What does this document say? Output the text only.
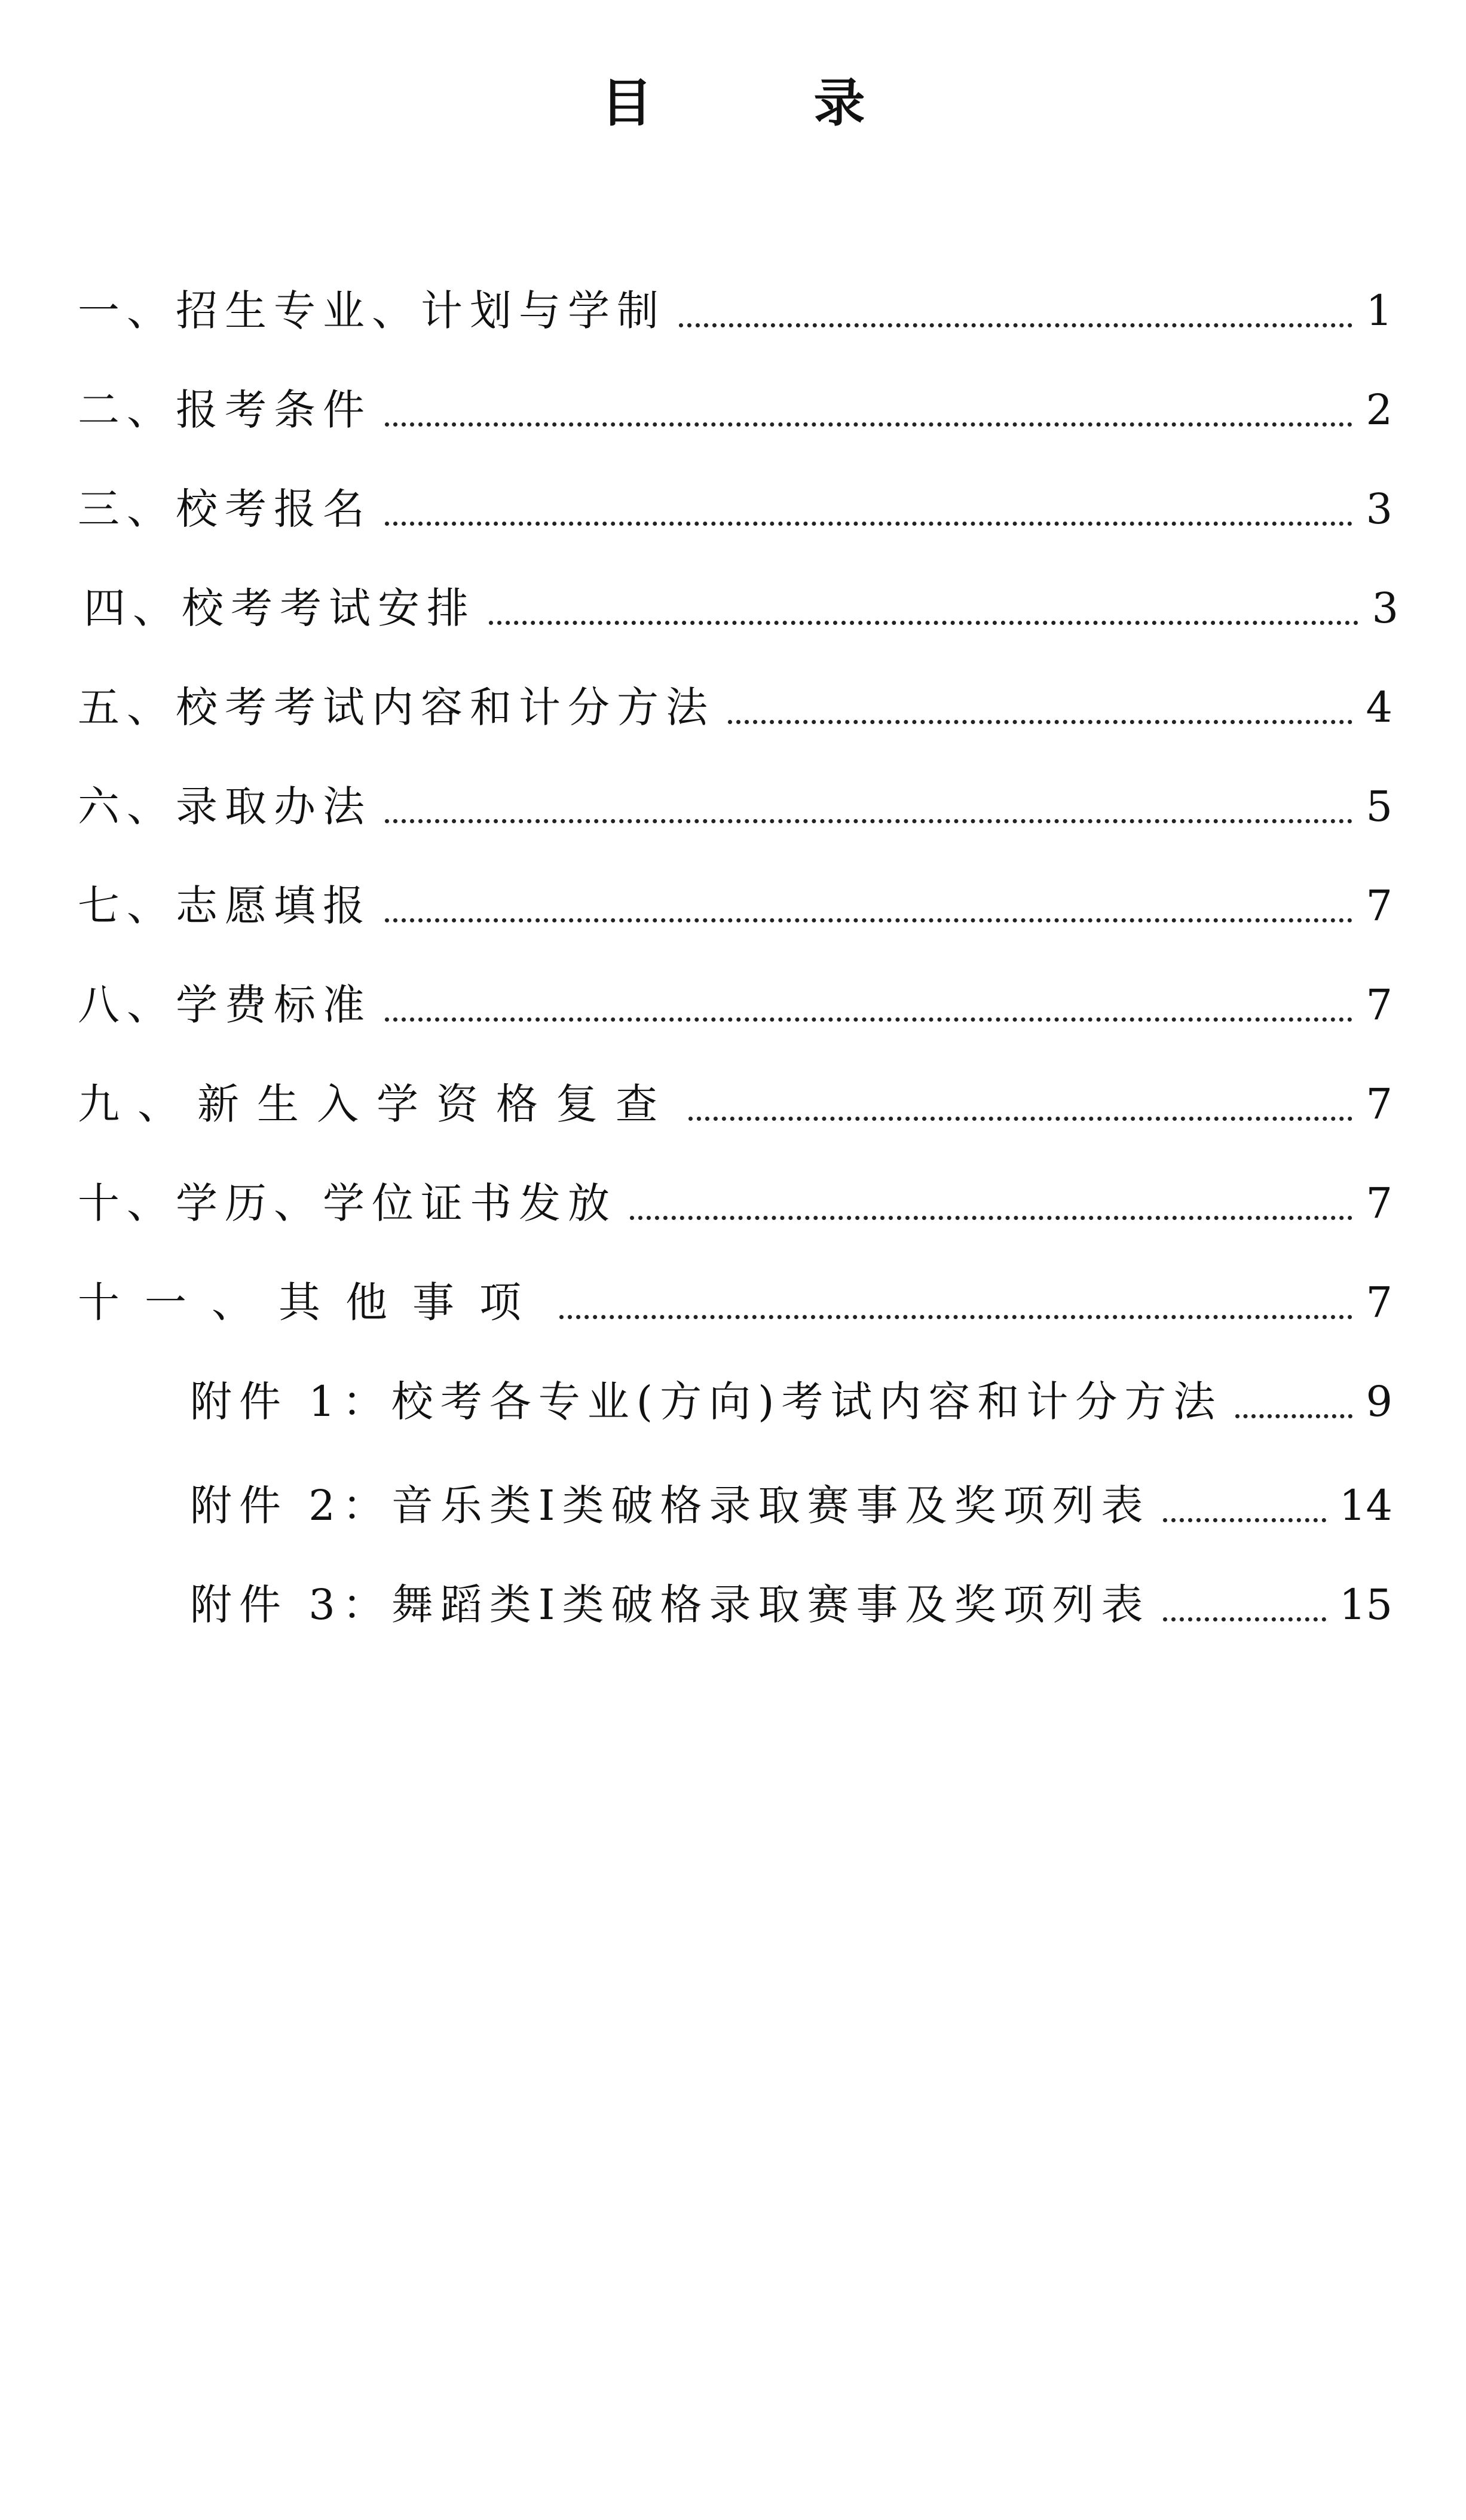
目 录
一、招生专业、计划与学制	1
二、报考条件	2
三、校考报名	3
四、校考考试安排	3
五、校考考试内容和计分方法	4
六、录取办法	5
七、志愿填报	7
八、学费标准	7
九、新生入学资格复查	7
十、学历、学位证书发放	7
十一、其他事项	7
附件 1：校考各专业(方向)考试内容和计分方法	9
附件 2：音乐类Ⅰ类破格录取赛事及奖项列表	14
附件 3：舞蹈类Ⅰ类破格录取赛事及奖项列表	15
